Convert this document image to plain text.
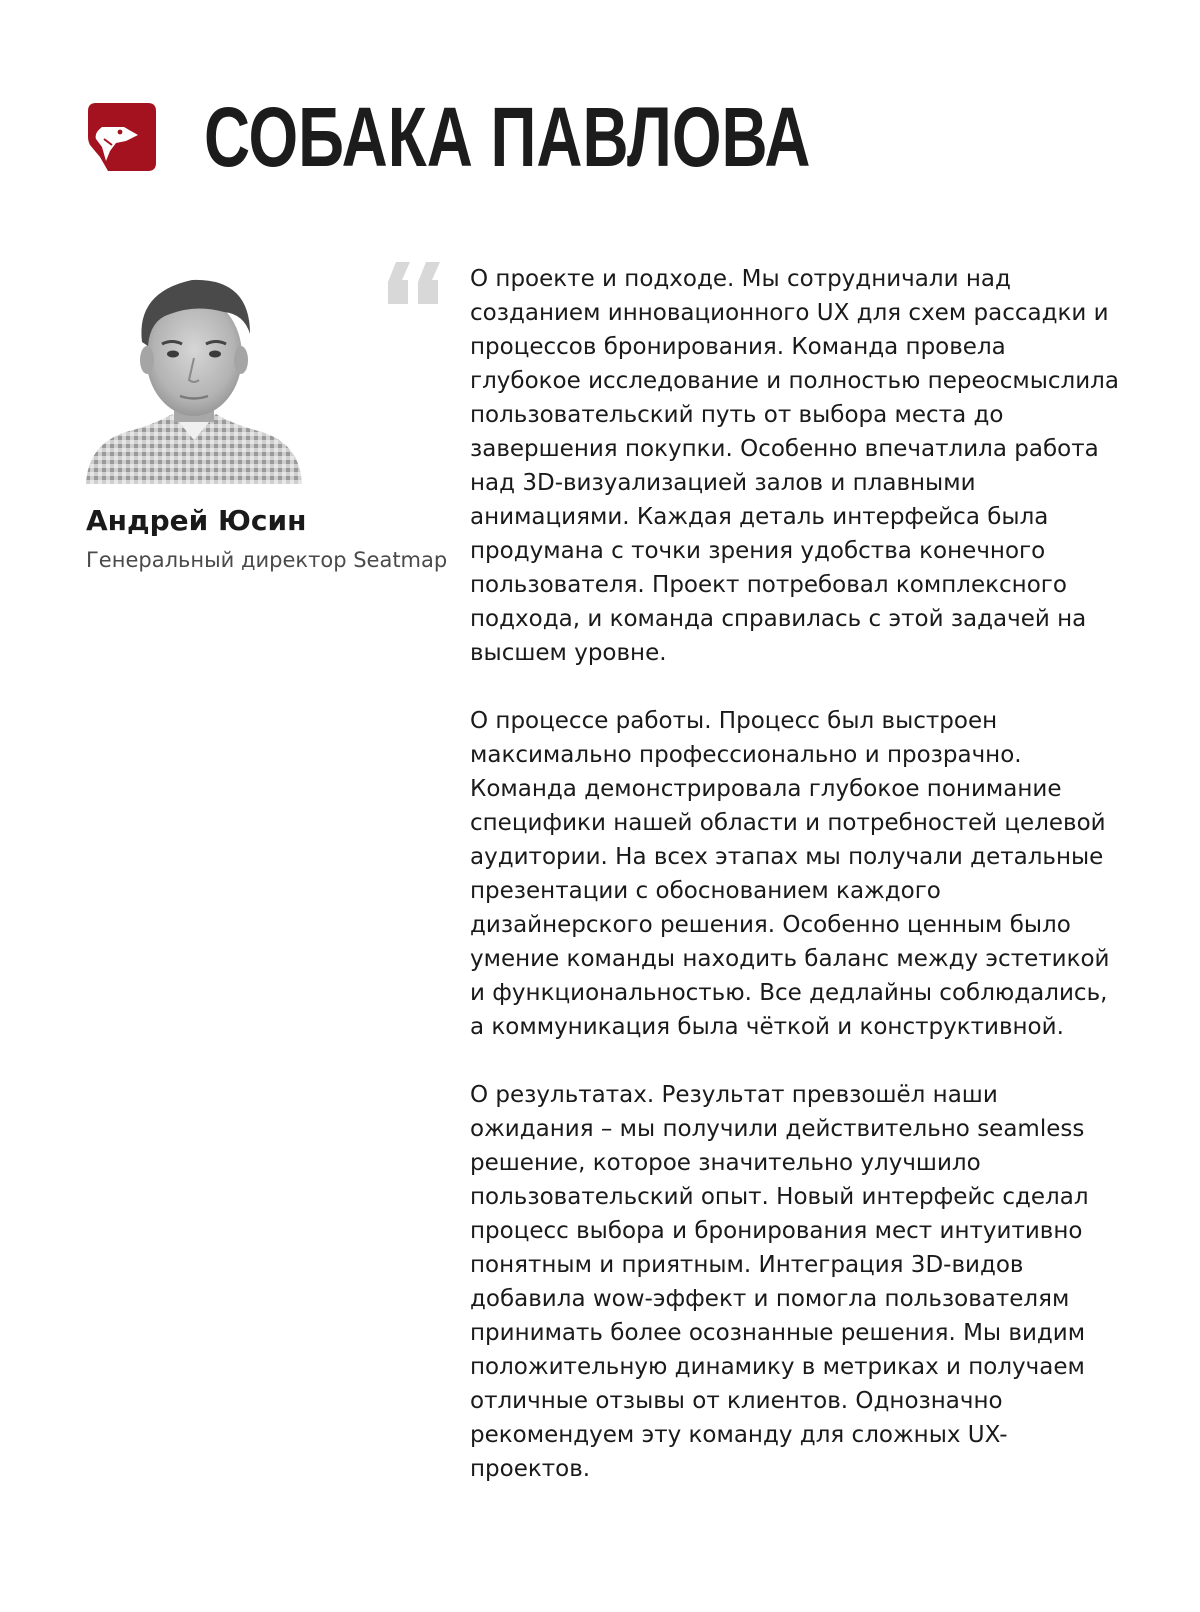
СОБАКА ПАВЛОВА
Андрей Юсин
Генеральный директор Seatmap

О проекте и подходе. Мы сотрудничали над созданием инновационного UX для схем рассадки и процессов бронирования. Команда провела глубокое исследование и полностью переосмыслила пользовательский путь от выбора места до завершения покупки. Особенно впечатлила работа над 3D-визуализацией залов и плавными анимациями. Каждая деталь интерфейса была продумана с точки зрения удобства конечного пользователя. Проект потребовал комплексного подхода, и команда справилась с этой задачей на высшем уровне.

О процессе работы. Процесс был выстроен максимально профессионально и прозрачно. Команда демонстрировала глубокое понимание специфики нашей области и потребностей целевой аудитории. На всех этапах мы получали детальные презентации с обоснованием каждого дизайнерского решения. Особенно ценным было умение команды находить баланс между эстетикой и функциональностью. Все дедлайны соблюдались, а коммуникация была чёткой и конструктивной.

О результатах. Результат превзошёл наши ожидания – мы получили действительно seamless решение, которое значительно улучшило пользовательский опыт. Новый интерфейс сделал процесс выбора и бронирования мест интуитивно понятным и приятным. Интеграция 3D-видов добавила wow-эффект и помогла пользователям принимать более осознанные решения. Мы видим положительную динамику в метриках и получаем отличные отзывы от клиентов. Однозначно рекомендуем эту команду для сложных UX-проектов.
